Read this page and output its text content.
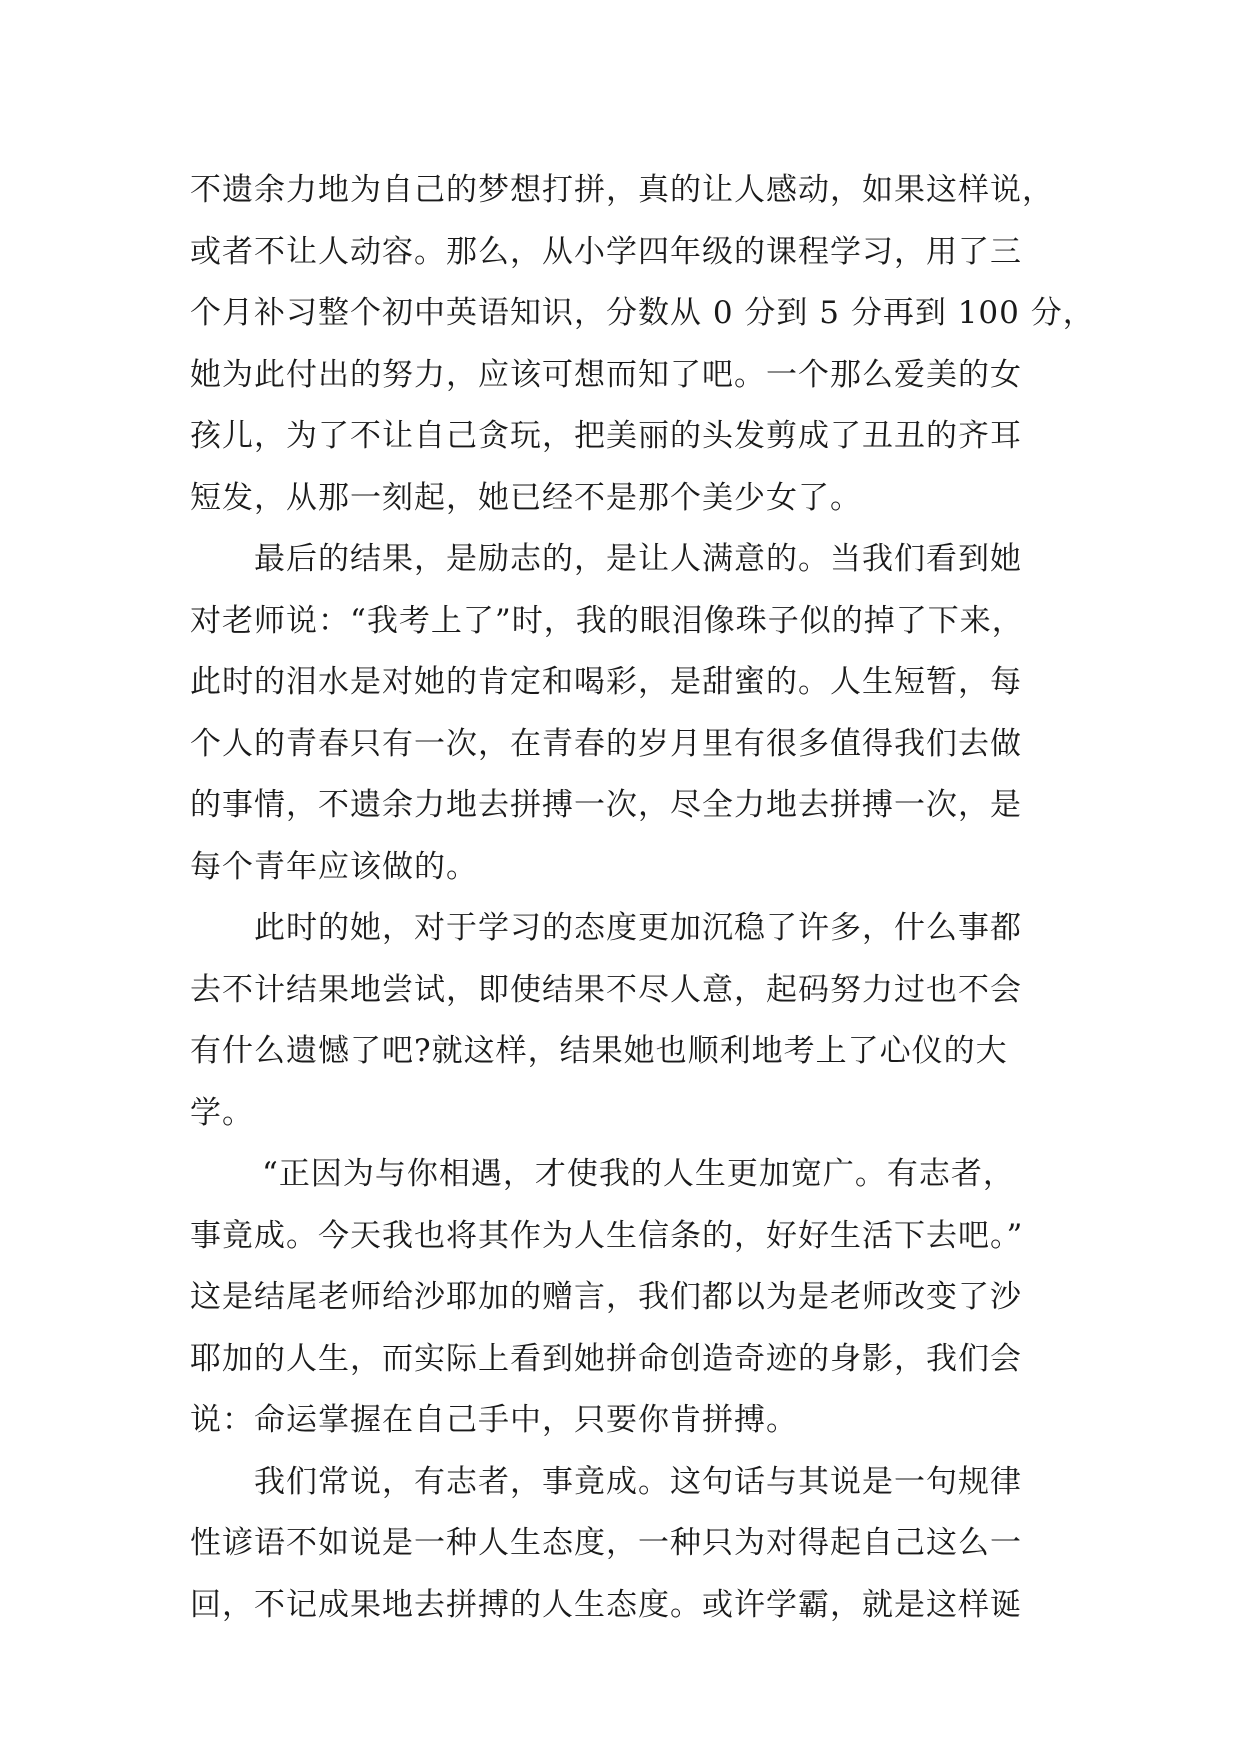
不遗余力地为自己的梦想打拼，真的让人感动，如果这样说，
或者不让人动容。那么，从小学四年级的课程学习，用了三
个月补习整个初中英语知识，分数从 0 分到 5 分再到 100 分，
她为此付出的努力，应该可想而知了吧。一个那么爱美的女
孩儿，为了不让自己贪玩，把美丽的头发剪成了丑丑的齐耳
短发，从那一刻起，她已经不是那个美少女了。
最后的结果，是励志的，是让人满意的。当我们看到她
对老师说：“我考上了”时，我的眼泪像珠子似的掉了下来，
此时的泪水是对她的肯定和喝彩，是甜蜜的。人生短暂，每
个人的青春只有一次，在青春的岁月里有很多值得我们去做
的事情，不遗余力地去拼搏一次，尽全力地去拼搏一次，是
每个青年应该做的。
此时的她，对于学习的态度更加沉稳了许多，什么事都
去不计结果地尝试，即使结果不尽人意，起码努力过也不会
有什么遗憾了吧?就这样，结果她也顺利地考上了心仪的大
学。
“正因为与你相遇，才使我的人生更加宽广。有志者，
事竟成。今天我也将其作为人生信条的，好好生活下去吧。”
这是结尾老师给沙耶加的赠言，我们都以为是老师改变了沙
耶加的人生，而实际上看到她拼命创造奇迹的身影，我们会
说：命运掌握在自己手中，只要你肯拼搏。
我们常说，有志者，事竟成。这句话与其说是一句规律
性谚语不如说是一种人生态度，一种只为对得起自己这么一
回，不记成果地去拼搏的人生态度。或许学霸，就是这样诞
